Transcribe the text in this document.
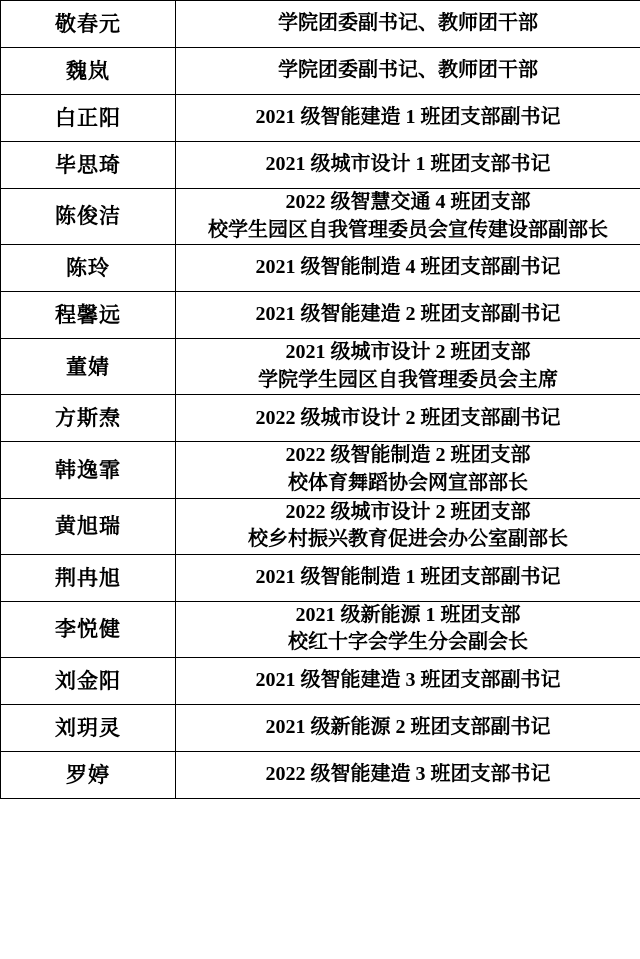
敬春元	学院团委副书记、教师团干部

魏岚	学院团委副书记、教师团干部

白正阳	2021 级智能建造 1 班团支部副书记

毕思琦	2021 级城市设计 1 班团支部书记

陈俊洁	2022 级智慧交通 4 班团支部
校学生园区自我管理委员会宣传建设部副部长

陈玲	2021 级智能制造 4 班团支部副书记

程馨远	2021 级智能建造 2 班团支部副书记

董婧	2021 级城市设计 2 班团支部
学院学生园区自我管理委员会主席

方斯焘	2022 级城市设计 2 班团支部副书记

韩逸霏	2022 级智能制造 2 班团支部
校体育舞蹈协会网宣部部长

黄旭瑞	2022 级城市设计 2 班团支部
校乡村振兴教育促进会办公室副部长

荆冉旭	2021 级智能制造 1 班团支部副书记

李悦健	2021 级新能源 1 班团支部
校红十字会学生分会副会长

刘金阳	2021 级智能建造 3 班团支部副书记

刘玥灵	2021 级新能源 2 班团支部副书记

罗婷	2022 级智能建造 3 班团支部书记
